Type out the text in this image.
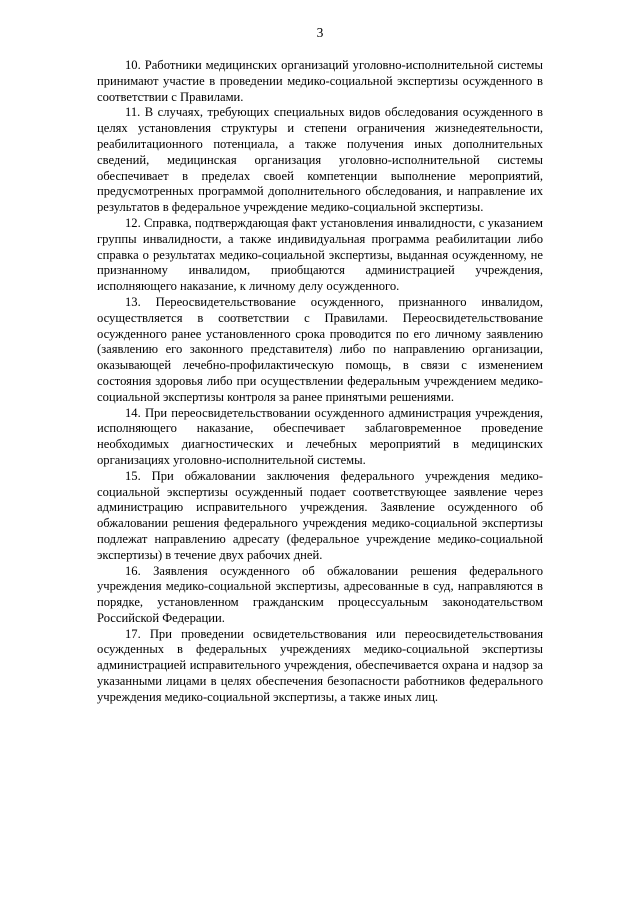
3

10. Работники медицинских организаций уголовно-исполнительной системы принимают участие в проведении медико-социальной экспертизы осужденного в соответствии с Правилами.

11. В случаях, требующих специальных видов обследования осужденного в целях установления структуры и степени ограничения жизнедеятельности, реабилитационного потенциала, а также получения иных дополнительных сведений, медицинская организация уголовно-исполнительной системы обеспечивает в пределах своей компетенции выполнение мероприятий, предусмотренных программой дополнительного обследования, и направление их результатов в федеральное учреждение медико-социальной экспертизы.

12. Справка, подтверждающая факт установления инвалидности, с указанием группы инвалидности, а также индивидуальная программа реабилитации либо справка о результатах медико-социальной экспертизы, выданная осужденному, не признанному инвалидом, приобщаются администрацией учреждения, исполняющего наказание, к личному делу осужденного.

13. Переосвидетельствование осужденного, признанного инвалидом, осуществляется в соответствии с Правилами. Переосвидетельствование осужденного ранее установленного срока проводится по его личному заявлению (заявлению его законного представителя) либо по направлению организации, оказывающей лечебно-профилактическую помощь, в связи с изменением состояния здоровья либо при осуществлении федеральным учреждением медико-социальной экспертизы контроля за ранее принятыми решениями.

14. При переосвидетельствовании осужденного администрация учреждения, исполняющего наказание, обеспечивает заблаговременное проведение необходимых диагностических и лечебных мероприятий в медицинских организациях уголовно-исполнительной системы.

15. При обжаловании заключения федерального учреждения медико-социальной экспертизы осужденный подает соответствующее заявление через администрацию исправительного учреждения. Заявление осужденного об обжаловании решения федерального учреждения медико-социальной экспертизы подлежат направлению адресату (федеральное учреждение медико-социальной экспертизы) в течение двух рабочих дней.

16. Заявления осужденного об обжаловании решения федерального учреждения медико-социальной экспертизы, адресованные в суд, направляются в порядке, установленном гражданским процессуальным законодательством Российской Федерации.

17. При проведении освидетельствования или переосвидетельствования осужденных в федеральных учреждениях медико-социальной экспертизы администрацией исправительного учреждения, обеспечивается охрана и надзор за указанными лицами в целях обеспечения безопасности работников федерального учреждения медико-социальной экспертизы, а также иных лиц.
